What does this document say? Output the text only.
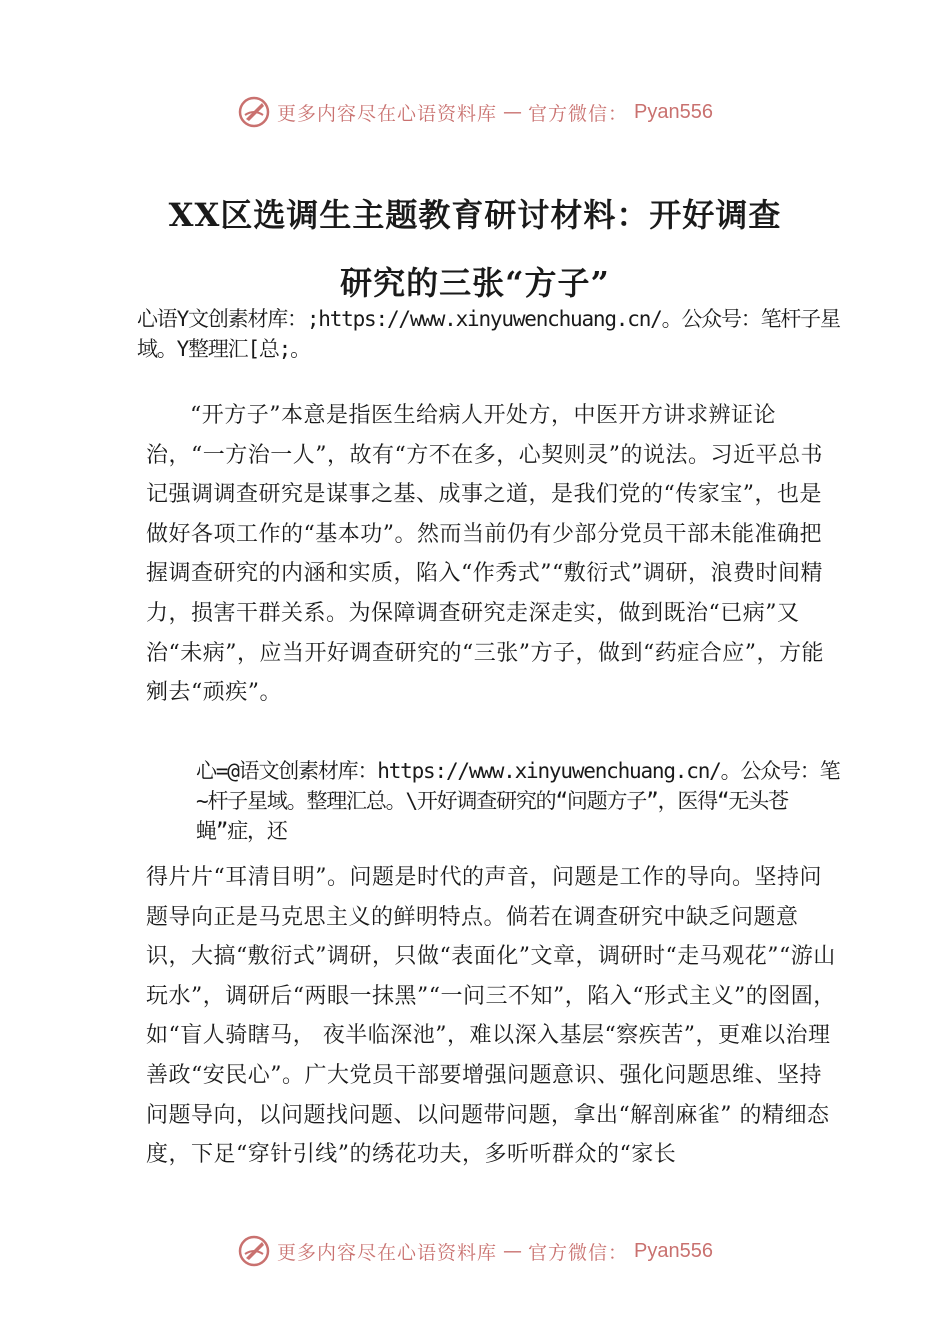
更多内容尽在心语资料库 — 官方微信： Pyan556
XX区选调生主题教育研讨材料：开好调查
研究的三张“方子”

心语Y文创素材库：;https://www.xinyuwenchuang.cn/。公众号：笔杆子星域。Y整理汇[总;。

“开方子”本意是指医生给病人开处方，中医开方讲求辨证论治，“一方治一人”，故有“方不在多，心契则灵”的说法。习近平总书记强调调查研究是谋事之基、成事之道，是我们党的“传家宝”，也是做好各项工作的“基本功”。然而当前仍有少部分党员干部未能准确把握调查研究的内涵和实质，陷入“作秀式”“敷衍式”调研，浪费时间精力，损害干群关系。为保障调查研究走深走实，做到既治“已病”又治“未病”，应当开好调查研究的“三张”方子，做到“药症合应”，方能剜去“顽疾”。

心=@语文创素材库：https://www.xinyuwenchuang.cn/。公众号：笔~杆子星域。整理汇总。\开好调查研究的“问题方子”，医得“无头苍蝇”症，还

得片片“耳清目明”。问题是时代的声音，问题是工作的导向。坚持问题导向正是马克思主义的鲜明特点。倘若在调查研究中缺乏问题意识，大搞“敷衍式”调研，只做“表面化”文章，调研时“走马观花”“游山玩水”，调研后“两眼一抹黑”“一问三不知”，陷入“形式主义”的囹圄，如“盲人骑瞎马， 夜半临深池”，难以深入基层“察疾苦”，更难以治理善政“安民心”。广大党员干部要增强问题意识、强化问题思维、坚持问题导向，以问题找问题、以问题带问题，拿出“解剖麻雀” 的精细态度，下足“穿针引线”的绣花功夫，多听听群众的“家长

更多内容尽在心语资料库 — 官方微信： Pyan556
